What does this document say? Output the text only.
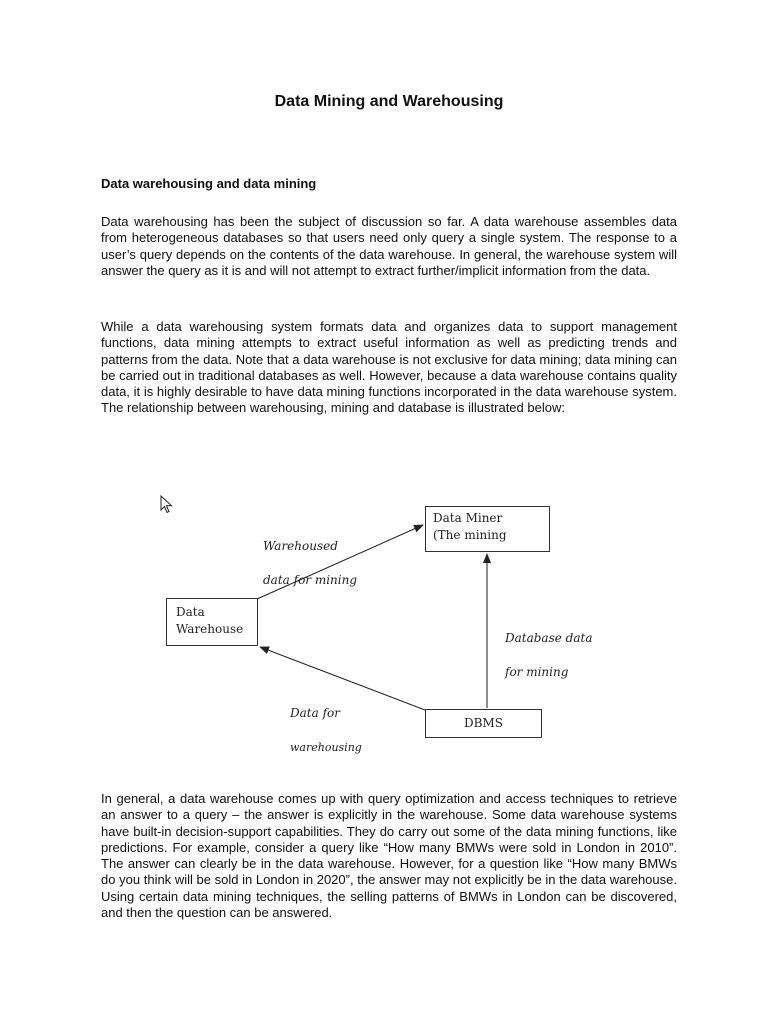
Data Mining and Warehousing
Data warehousing and data mining

Data warehousing has been the subject of discussion so far. A data warehouse assembles data from heterogeneous databases so that users need only query a single system. The response to a user’s query depends on the contents of the data warehouse. In general, the warehouse system will answer the query as it is and will not attempt to extract further/implicit information from the data.

While a data warehousing system formats data and organizes data to support management functions, data mining attempts to extract useful information as well as predicting trends and patterns from the data. Note that a data warehouse is not exclusive for data mining; data mining can be carried out in traditional databases as well. However, because a data warehouse contains quality data, it is highly desirable to have data mining functions incorporated in the data warehouse system. The relationship between warehousing, mining and database is illustrated below:

Data
Warehouse
Data Miner
(The mining
DBMS

Warehoused

data for mining

Database data

for mining

Data for

warehousing

In general, a data warehouse comes up with query optimization and access techniques to retrieve an answer to a query – the answer is explicitly in the warehouse. Some data warehouse systems have built-in decision-support capabilities. They do carry out some of the data mining functions, like predictions. For example, consider a query like “How many BMWs were sold in London in 2010”. The answer can clearly be in the data warehouse. However, for a question like “How many BMWs do you think will be sold in London in 2020”, the answer may not explicitly be in the data warehouse. Using certain data mining techniques, the selling patterns of BMWs in London can be discovered, and then the question can be answered.
